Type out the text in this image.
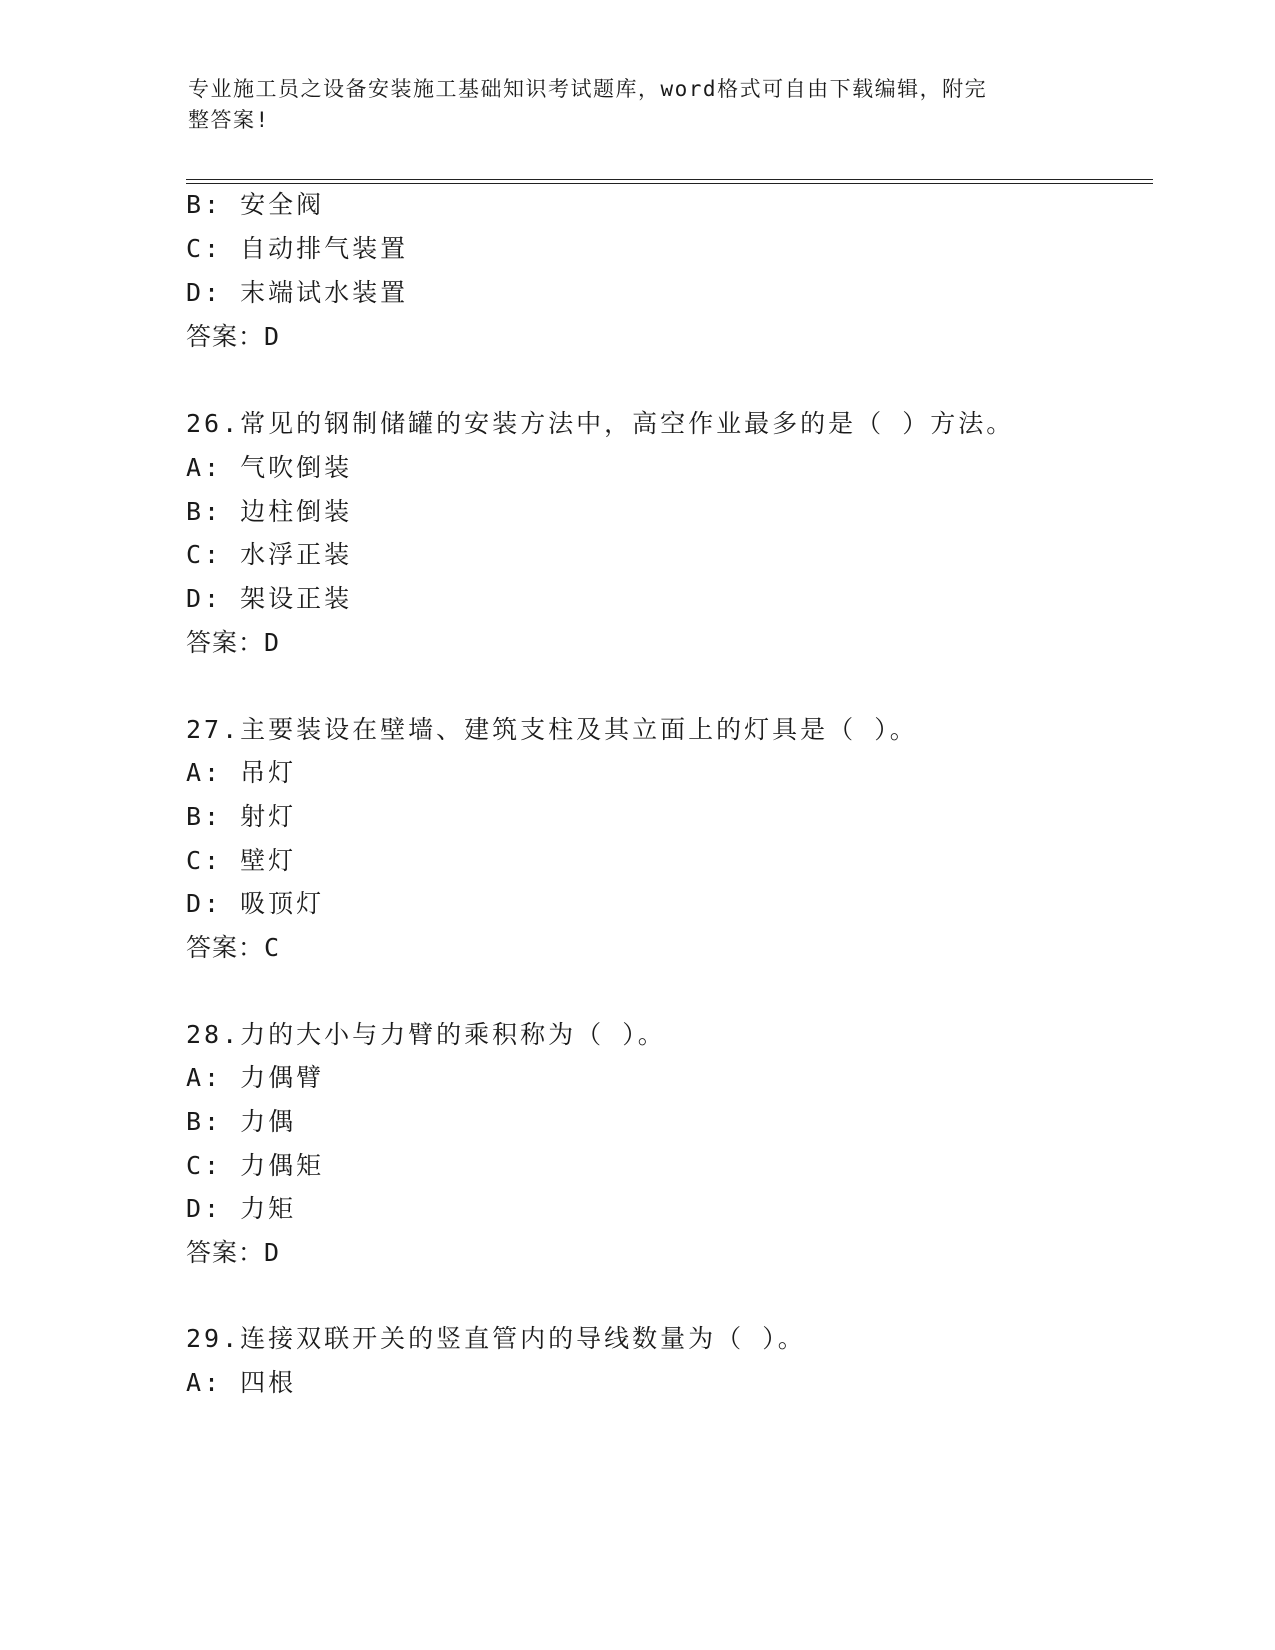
专业施工员之设备安装施工基础知识考试题库，word格式可自由下载编辑，附完
整答案!
B: 安全阀
C: 自动排气装置
D: 末端试水装置
答案：D
26.常见的钢制储罐的安装方法中，高空作业最多的是（ ）方法。
A: 气吹倒装
B: 边柱倒装
C: 水浮正装
D: 架设正装
答案：D
27.主要装设在壁墙、建筑支柱及其立面上的灯具是（ ）。
A: 吊灯
B: 射灯
C: 壁灯
D: 吸顶灯
答案：C
28.力的大小与力臂的乘积称为（ ）。
A: 力偶臂
B: 力偶
C: 力偶矩
D: 力矩
答案：D
29.连接双联开关的竖直管内的导线数量为（ ）。
A: 四根
